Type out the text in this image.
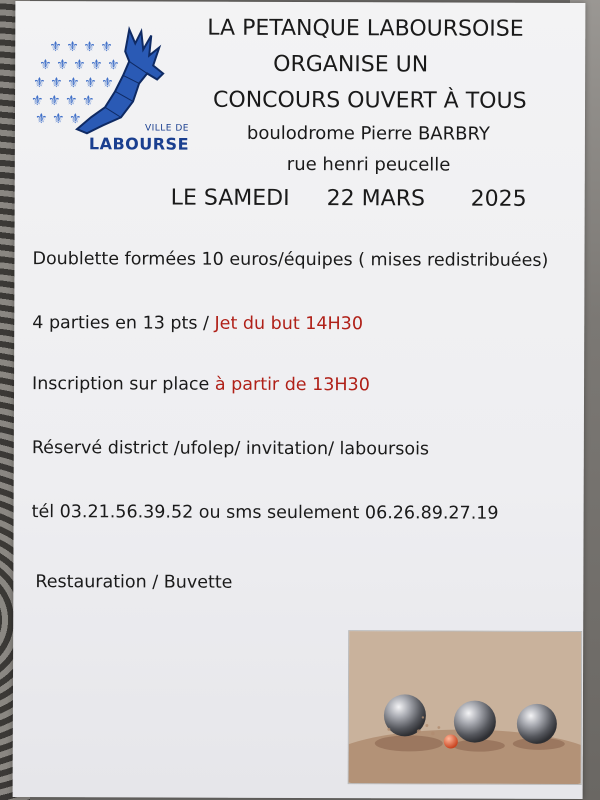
⚜ ⚜ ⚜ ⚜
⚜ ⚜ ⚜ ⚜ ⚜
⚜ ⚜ ⚜ ⚜ ⚜
⚜ ⚜ ⚜ ⚜
⚜ ⚜ ⚜
VILLE DE
LABOURSE
LA PETANQUE LABOURSOISE
ORGANISE UN
CONCOURS OUVERT À TOUS
boulodrome Pierre BARBRY
rue henri peucelle
LE SAMEDI 22 MARS 2025
Doublette formées 10 euros/équipes ( mises redistribuées)
4 parties en 13 pts / Jet du but 14H30
Inscription sur place à partir de 13H30
Réservé district /ufolep/ invitation/ laboursois
tél 03.21.56.39.52 ou sms seulement 06.26.89.27.19
Restauration / Buvette
